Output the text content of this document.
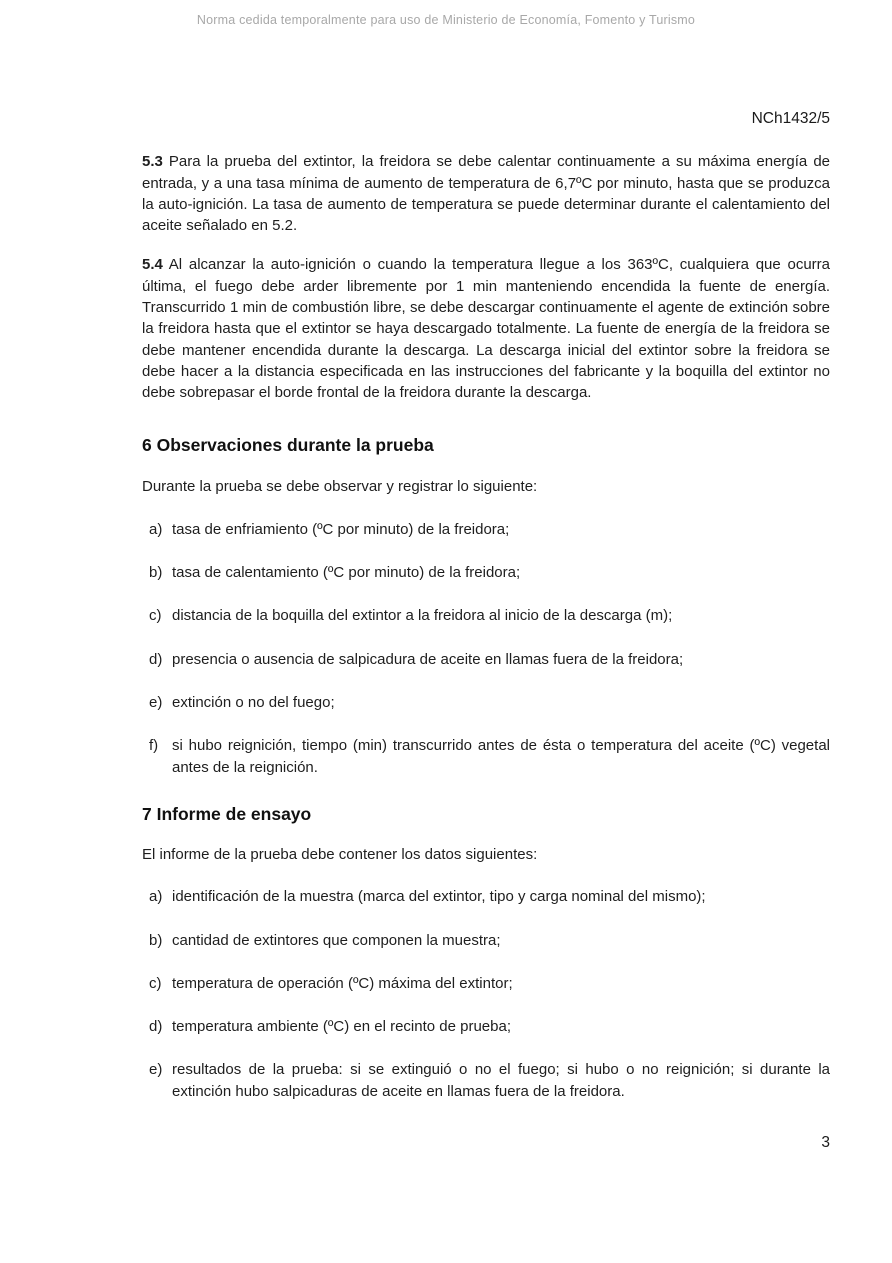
Norma cedida temporalmente para uso de Ministerio de Economía, Fomento y Turismo
NCh1432/5

5.3 Para la prueba del extintor, la freidora se debe calentar continuamente a su máxima energía de entrada, y a una tasa mínima de aumento de temperatura de 6,7ºC por minuto, hasta que se produzca la auto-ignición. La tasa de aumento de temperatura se puede determinar durante el calentamiento del aceite señalado en 5.2.

5.4 Al alcanzar la auto-ignición o cuando la temperatura llegue a los 363ºC, cualquiera que ocurra última, el fuego debe arder libremente por 1 min manteniendo encendida la fuente de energía. Transcurrido 1 min de combustión libre, se debe descargar continuamente el agente de extinción sobre la freidora hasta que el extintor se haya descargado totalmente. La fuente de energía de la freidora se debe mantener encendida durante la descarga. La descarga inicial del extintor sobre la freidora se debe hacer a la distancia especificada en las instrucciones del fabricante y la boquilla del extintor no debe sobrepasar el borde frontal de la freidora durante la descarga.

6 Observaciones durante la prueba

Durante la prueba se debe observar y registrar lo siguiente:

a) tasa de enfriamiento (ºC por minuto) de la freidora;
b) tasa de calentamiento (ºC por minuto) de la freidora;
c) distancia de la boquilla del extintor a la freidora al inicio de la descarga (m);
d) presencia o ausencia de salpicadura de aceite en llamas fuera de la freidora;
e) extinción o no del fuego;
f) si hubo reignición, tiempo (min) transcurrido antes de ésta o temperatura del aceite (ºC) vegetal antes de la reignición.
7 Informe de ensayo

El informe de la prueba debe contener los datos siguientes:

a) identificación de la muestra (marca del extintor, tipo y carga nominal del mismo);
b) cantidad de extintores que componen la muestra;
c) temperatura de operación (ºC) máxima del extintor;
d) temperatura ambiente (ºC) en el recinto de prueba;
e) resultados de la prueba: si se extinguió o no el fuego; si hubo o no reignición; si durante la extinción hubo salpicaduras de aceite en llamas fuera de la freidora.
3
